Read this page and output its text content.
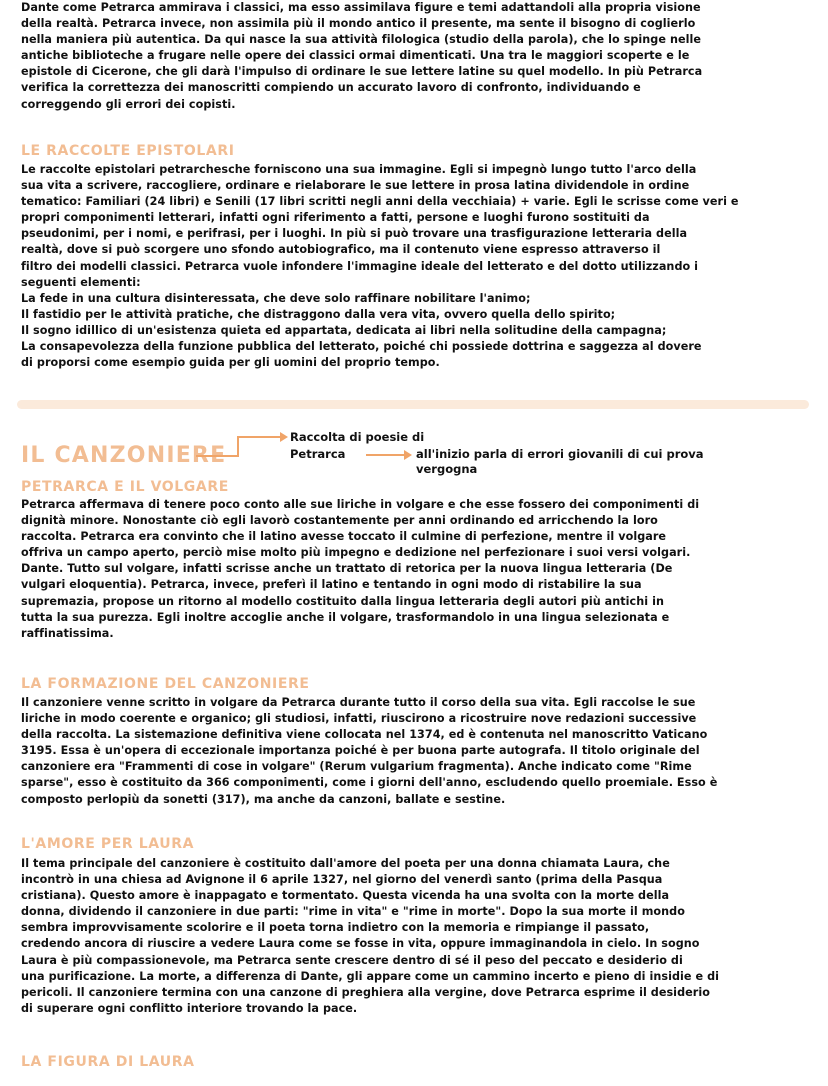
Dante come Petrarca ammirava i classici, ma esso assimilava figure e temi adattandoli alla propria visione

della realtà. Petrarca invece, non assimila più il mondo antico il presente, ma sente il bisogno di coglierlo

nella maniera più autentica. Da qui nasce la sua attività filologica (studio della parola), che lo spinge nelle

antiche biblioteche a frugare nelle opere dei classici ormai dimenticati. Una tra le maggiori scoperte e le

epistole di Cicerone, che gli darà l'impulso di ordinare le sue lettere latine su quel modello. In più Petrarca

verifica la correttezza dei manoscritti compiendo un accurato lavoro di confronto, individuando e

correggendo gli errori dei copisti.

LE RACCOLTE EPISTOLARI

Le raccolte epistolari petrarchesche forniscono una sua immagine. Egli si impegnò lungo tutto l'arco della

sua vita a scrivere, raccogliere, ordinare e rielaborare le sue lettere in prosa latina dividendole in ordine

tematico: Familiari (24 libri) e Senili (17 libri scritti negli anni della vecchiaia) + varie. Egli le scrisse come veri e

propri componimenti letterari, infatti ogni riferimento a fatti, persone e luoghi furono sostituiti da

pseudonimi, per i nomi, e perifrasi, per i luoghi. In più si può trovare una trasfigurazione letteraria della

realtà, dove si può scorgere uno sfondo autobiografico, ma il contenuto viene espresso attraverso il

filtro dei modelli classici. Petrarca vuole infondere l'immagine ideale del letterato e del dotto utilizzando i

seguenti elementi:

La fede in una cultura disinteressata, che deve solo raffinare nobilitare l'animo;

Il fastidio per le attività pratiche, che distraggono dalla vera vita, ovvero quella dello spirito;

Il sogno idillico di un'esistenza quieta ed appartata, dedicata ai libri nella solitudine della campagna;

La consapevolezza della funzione pubblica del letterato, poiché chi possiede dottrina e saggezza al dovere

di proporsi come esempio guida per gli uomini del proprio tempo.

IL CANZONIERE
Raccolta di poesie di
Petrarca	all'inizio parla di errori giovanili di cui prova
vergogna
PETRARCA E IL VOLGARE

Petrarca affermava di tenere poco conto alle sue liriche in volgare e che esse fossero dei componimenti di

dignità minore. Nonostante ciò egli lavorò costantemente per anni ordinando ed arricchendo la loro

raccolta. Petrarca era convinto che il latino avesse toccato il culmine di perfezione, mentre il volgare

offriva un campo aperto, perciò mise molto più impegno e dedizione nel perfezionare i suoi versi volgari.

Dante. Tutto sul volgare, infatti scrisse anche un trattato di retorica per la nuova lingua letteraria (De

vulgari eloquentia). Petrarca, invece, preferì il latino e tentando in ogni modo di ristabilire la sua

supremazia, propose un ritorno al modello costituito dalla lingua letteraria degli autori più antichi in

tutta la sua purezza. Egli inoltre accoglie anche il volgare, trasformandolo in una lingua selezionata e

raffinatissima.

LA FORMAZIONE DEL CANZONIERE

Il canzoniere venne scritto in volgare da Petrarca durante tutto il corso della sua vita. Egli raccolse le sue

liriche in modo coerente e organico; gli studiosi, infatti, riuscirono a ricostruire nove redazioni successive

della raccolta. La sistemazione definitiva viene collocata nel 1374, ed è contenuta nel manoscritto Vaticano

3195. Essa è un'opera di eccezionale importanza poiché è per buona parte autografa. Il titolo originale del

canzoniere era "Frammenti di cose in volgare" (Rerum vulgarium fragmenta). Anche indicato come "Rime

sparse", esso è costituito da 366 componimenti, come i giorni dell'anno, escludendo quello proemiale. Esso è

composto perlopiù da sonetti (317), ma anche da canzoni, ballate e sestine.

L'AMORE PER LAURA

Il tema principale del canzoniere è costituito dall'amore del poeta per una donna chiamata Laura, che

incontrò in una chiesa ad Avignone il 6 aprile 1327, nel giorno del venerdì santo (prima della Pasqua

cristiana). Questo amore è inappagato e tormentato. Questa vicenda ha una svolta con la morte della

donna, dividendo il canzoniere in due parti: "rime in vita" e "rime in morte". Dopo la sua morte il mondo

sembra improvvisamente scolorire e il poeta torna indietro con la memoria e rimpiange il passato,

credendo ancora di riuscire a vedere Laura come se fosse in vita, oppure immaginandola in cielo. In sogno

Laura è più compassionevole, ma Petrarca sente crescere dentro di sé il peso del peccato e desiderio di

una purificazione. La morte, a differenza di Dante, gli appare come un cammino incerto e pieno di insidie e di

pericoli. Il canzoniere termina con una canzone di preghiera alla vergine, dove Petrarca esprime il desiderio

di superare ogni conflitto interiore trovando la pace.

LA FIGURA DI LAURA
